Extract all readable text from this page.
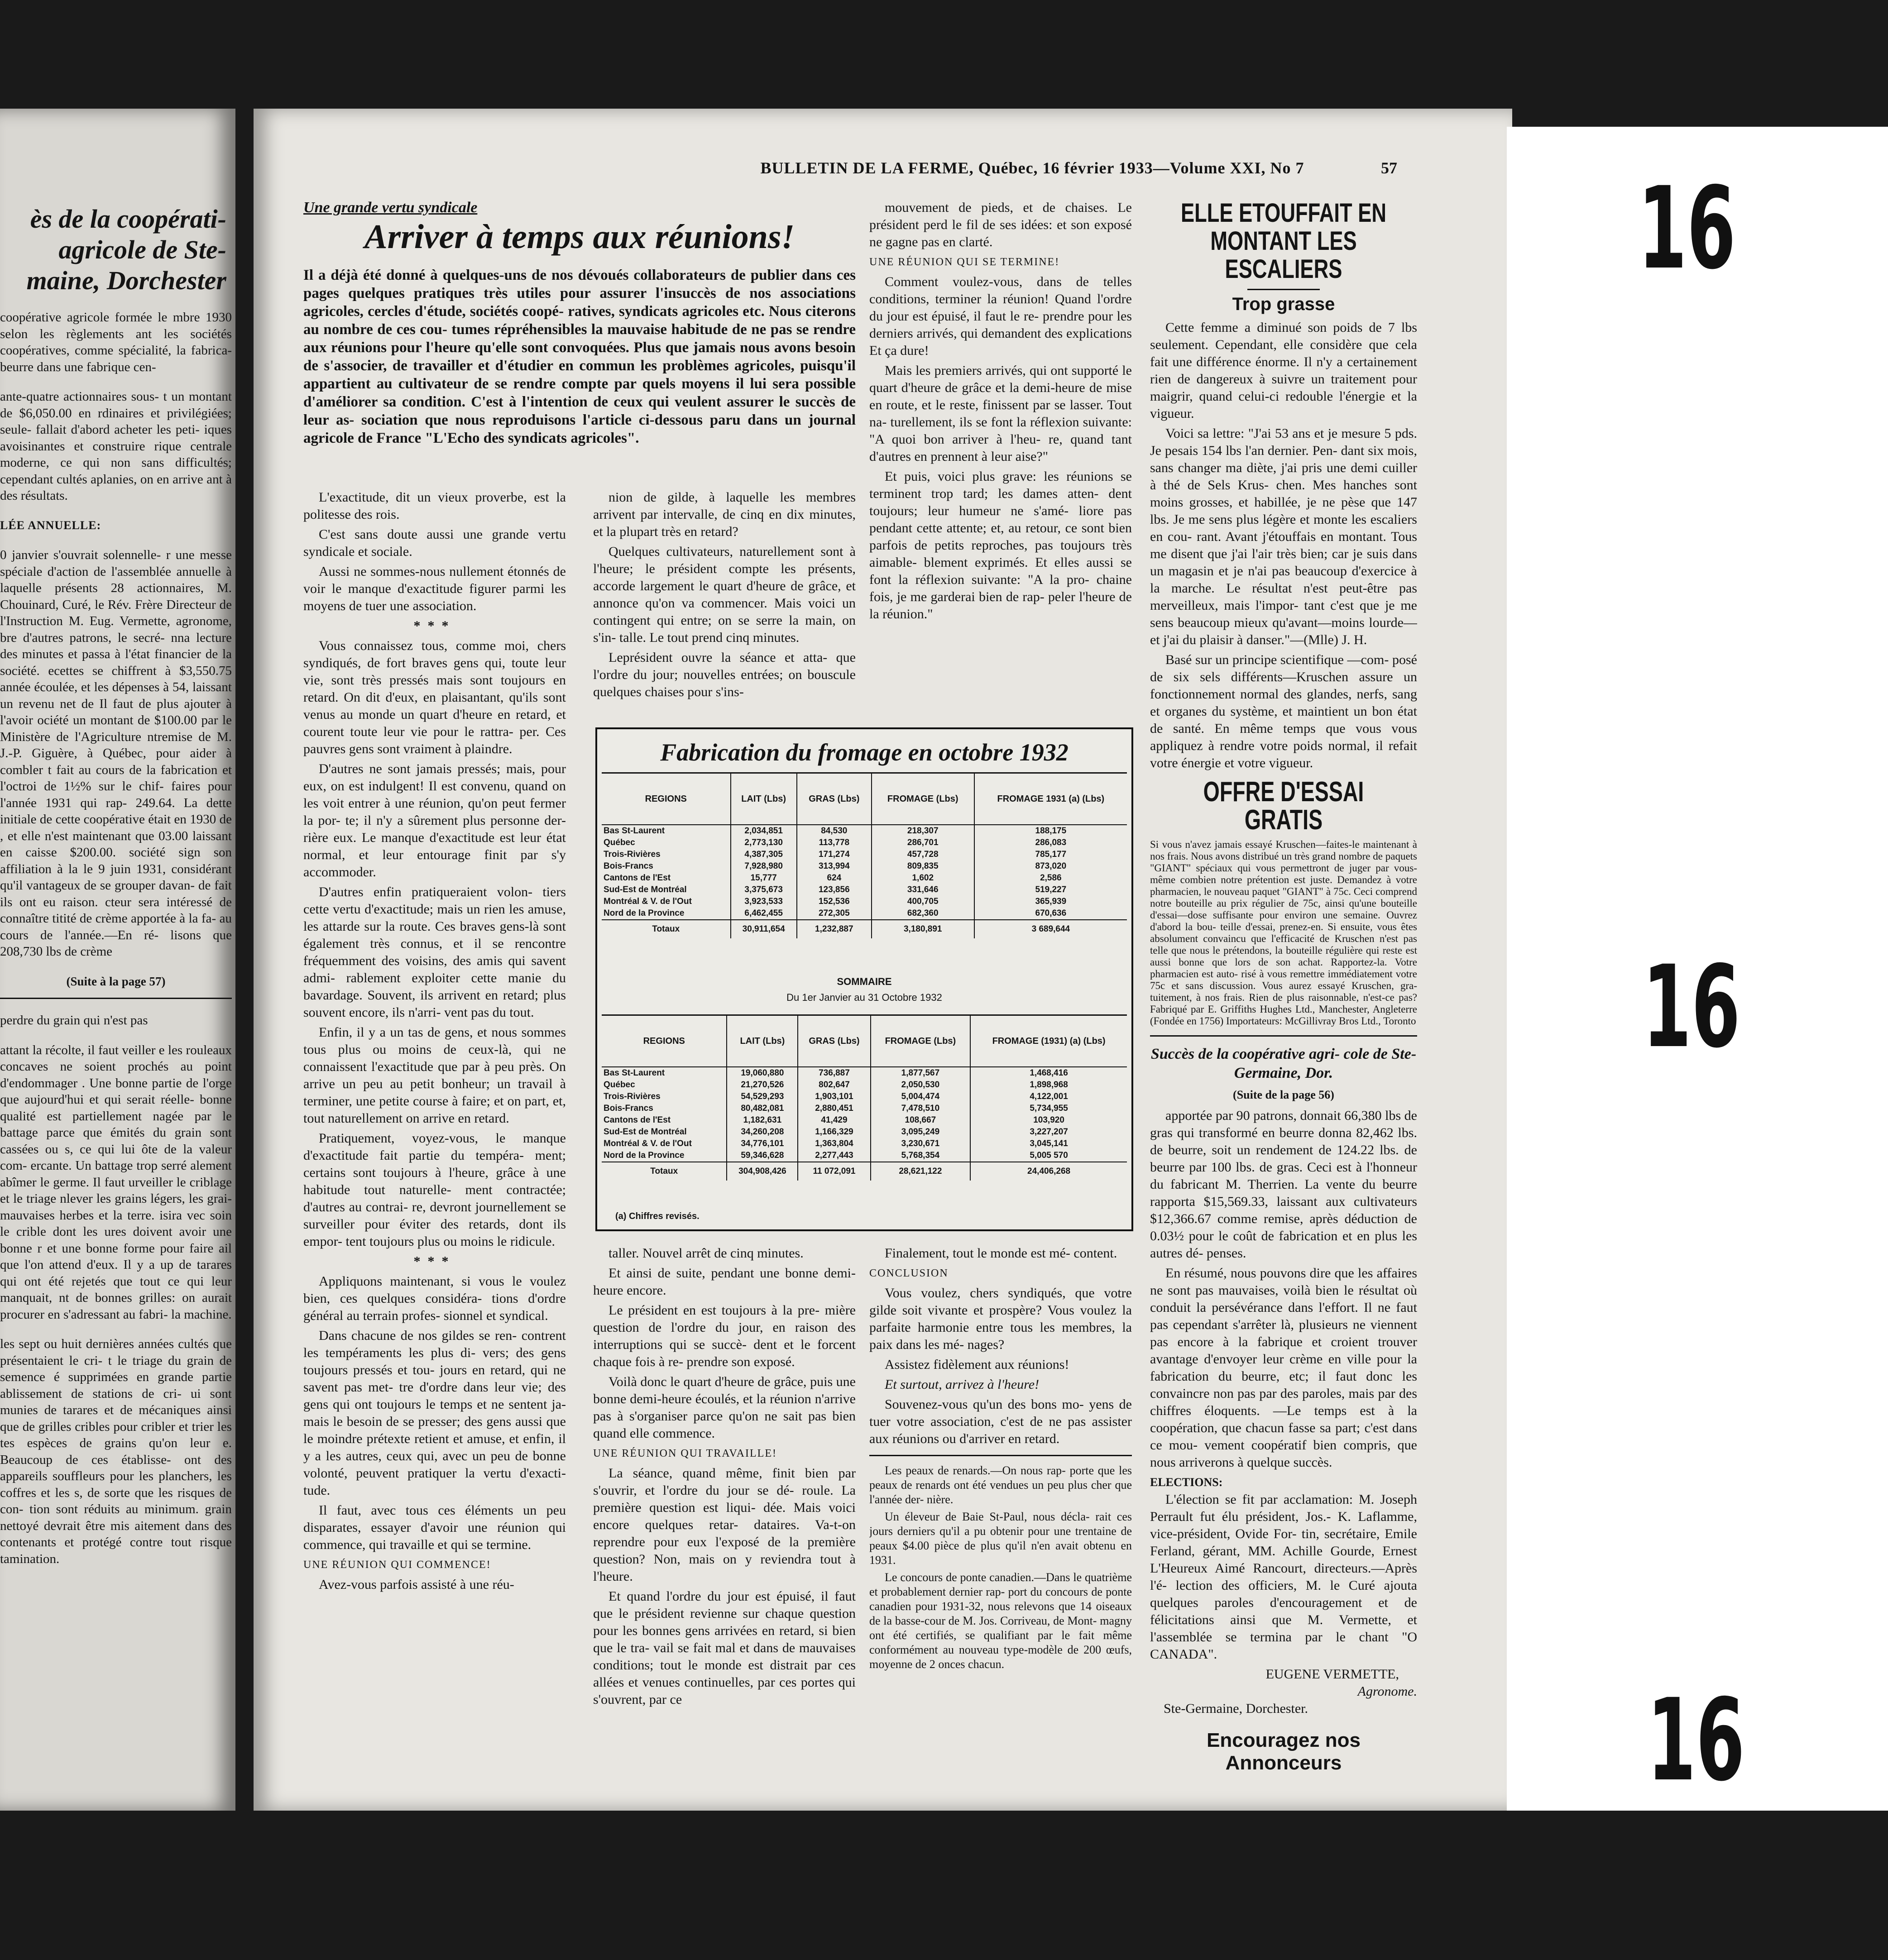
ès de la coopérati- agricole de Ste- maine, Dorchester

coopérative agricole formée le mbre 1930 selon les règlements ant les sociétés coopératives, comme spécialité, la fabrica- beurre dans une fabrique cen-

ante-quatre actionnaires sous- t un montant de $6,050.00 en rdinaires et privilégiées; seule- fallait d'abord acheter les peti- iques avoisinantes et construire rique centrale moderne, ce qui non sans difficultés; cependant cultés aplanies, on en arrive ant à des résultats.

LÉE ANNUELLE:

0 janvier s'ouvrait solennelle- r une messe spéciale d'action de l'assemblée annuelle à laquelle présents 28 actionnaires, M. Chouinard, Curé, le Rév. Frère Directeur de l'Instruction M. Eug. Vermette, agronome, bre d'autres patrons, le secré- nna lecture des minutes et passa à l'état financier de la société. ecettes se chiffrent à $3,550.75 année écoulée, et les dépenses à 54, laissant un revenu net de Il faut de plus ajouter à l'avoir ociété un montant de $100.00 par le Ministère de l'Agriculture ntremise de M. J.-P. Giguère, à Québec, pour aider à combler t fait au cours de la fabrication et l'octroi de 1½% sur le chif- faires pour l'année 1931 qui rap- 249.64. La dette initiale de cette coopérative était en 1930 de , et elle n'est maintenant que 03.00 laissant en caisse $200.00. société sign son affiliation à la le 9 juin 1931, considérant qu'il vantageux de se grouper davan- de fait ils ont eu raison. cteur sera intéressé de connaître titité de crème apportée à la fa- au cours de l'année.—En ré- lisons que 208,730 lbs de crème

(Suite à la page 57)

perdre du grain qui n'est pas

attant la récolte, il faut veiller e les rouleaux concaves ne soient prochés au point d'endommager . Une bonne partie de l'orge que aujourd'hui et qui serait réelle- bonne qualité est partiellement nagée par le battage parce que émités du grain sont cassées ou s, ce qui lui ôte de la valeur com- ercante. Un battage trop serré alement abîmer le germe. Il faut urveiller le criblage et le triage nlever les grains légers, les grai- mauvaises herbes et la terre. isira vec soin le crible dont les ures doivent avoir une bonne r et une bonne forme pour faire ail que l'on attend d'eux. Il y a up de tarares qui ont été rejetés que tout ce qui leur manquait, nt de bonnes grilles: on aurait procurer en s'adressant au fabri- la machine.

les sept ou huit dernières années cultés que présentaient le cri- t le triage du grain de semence é supprimées en grande partie ablissement de stations de cri- ui sont munies de tarares et de mécaniques ainsi que de grilles cribles pour cribler et trier les tes espèces de grains qu'on leur e. Beaucoup de ces établisse- ont des appareils souffleurs pour les planchers, les coffres et les s, de sorte que les risques de con- tion sont réduits au minimum. grain nettoyé devrait être mis aitement dans des contenants et protégé contre tout risque tamination.

BULLETIN DE LA FERME, Québec, 16 février 1933—Volume XXI, No 7	57
Une grande vertu syndicale
Arriver à temps aux réunions!
Il a déjà été donné à quelques-uns de nos dévoués collaborateurs de publier dans ces pages quelques pratiques très utiles pour assurer l'insuccès de nos associations agricoles, cercles d'étude, sociétés coopé- ratives, syndicats agricoles etc. Nous citerons au nombre de ces cou- tumes répréhensibles la mauvaise habitude de ne pas se rendre aux réunions pour l'heure qu'elle sont convoquées. Plus que jamais nous avons besoin de s'associer, de travailler et d'étudier en commun les problèmes agricoles, puisqu'il appartient au cultivateur de se rendre compte par quels moyens il lui sera possible d'améliorer sa condition. C'est à l'intention de ceux qui veulent assurer le succès de leur as- sociation que nous reproduisons l'article ci-dessous paru dans un journal agricole de France "L'Echo des syndicats agricoles".

L'exactitude, dit un vieux proverbe, est la politesse des rois.

C'est sans doute aussi une grande vertu syndicale et sociale.

Aussi ne sommes-nous nullement étonnés de voir le manque d'exactitude figurer parmi les moyens de tuer une association.

***

Vous connaissez tous, comme moi, chers syndiqués, de fort braves gens qui, toute leur vie, sont très pressés mais sont toujours en retard. On dit d'eux, en plaisantant, qu'ils sont venus au monde un quart d'heure en retard, et courent toute leur vie pour le rattra- per. Ces pauvres gens sont vraiment à plaindre.

D'autres ne sont jamais pressés; mais, pour eux, on est indulgent! Il est convenu, quand on les voit entrer à une réunion, qu'on peut fermer la por- te; il n'y a sûrement plus personne der- rière eux. Le manque d'exactitude est leur état normal, et leur entourage finit par s'y accommoder.

D'autres enfin pratiqueraient volon- tiers cette vertu d'exactitude; mais un rien les amuse, les attarde sur la route. Ces braves gens-là sont également très connus, et il se rencontre fréquemment des voisins, des amis qui savent admi- rablement exploiter cette manie du bavardage. Souvent, ils arrivent en retard; plus souvent encore, ils n'arri- vent pas du tout.

Enfin, il y a un tas de gens, et nous sommes tous plus ou moins de ceux-là, qui ne connaissent l'exactitude que par à peu près. On arrive un peu au petit bonheur; un travail à terminer, une petite course à faire; et on part, et, tout naturellement on arrive en retard.

Pratiquement, voyez-vous, le manque d'exactitude fait partie du tempéra- ment; certains sont toujours à l'heure, grâce à une habitude tout naturelle- ment contractée; d'autres au contrai- re, devront journellement se surveiller pour éviter des retards, dont ils empor- tent toujours plus ou moins le ridicule.

***

Appliquons maintenant, si vous le voulez bien, ces quelques considéra- tions d'ordre général au terrain profes- sionnel et syndical.

Dans chacune de nos gildes se ren- contrent les tempéraments les plus di- vers; des gens toujours pressés et tou- jours en retard, qui ne savent pas met- tre d'ordre dans leur vie; des gens qui ont toujours le temps et ne sentent ja- mais le besoin de se presser; des gens aussi que le moindre prétexte retient et amuse, et enfin, il y a les autres, ceux qui, avec un peu de bonne volonté, peuvent pratiquer la vertu d'exacti- tude.

Il faut, avec tous ces éléments un peu disparates, essayer d'avoir une réunion qui commence, qui travaille et qui se termine.

UNE RÉUNION QUI COMMENCE!

Avez-vous parfois assisté à une réu-

nion de gilde, à laquelle les membres arrivent par intervalle, de cinq en dix minutes, et la plupart très en retard?

Quelques cultivateurs, naturellement sont à l'heure; le président compte les présents, accorde largement le quart d'heure de grâce, et annonce qu'on va commencer. Mais voici un contingent qui entre; on se serre la main, on s'in- talle. Le tout prend cinq minutes.

Leprésident ouvre la séance et atta- que l'ordre du jour; nouvelles entrées; on bouscule quelques chaises pour s'ins-

mouvement de pieds, et de chaises. Le président perd le fil de ses idées: et son exposé ne gagne pas en clarté.

UNE RÉUNION QUI SE TERMINE!

Comment voulez-vous, dans de telles conditions, terminer la réunion! Quand l'ordre du jour est épuisé, il faut le re- prendre pour les derniers arrivés, qui demandent des explications Et ça dure!

Mais les premiers arrivés, qui ont supporté le quart d'heure de grâce et la demi-heure de mise en route, et le reste, finissent par se lasser. Tout na- turellement, ils se font la réflexion suivante: "A quoi bon arriver à l'heu- re, quand tant d'autres en prennent à leur aise?"

Et puis, voici plus grave: les réunions se terminent trop tard; les dames atten- dent toujours; leur humeur ne s'amé- liore pas pendant cette attente; et, au retour, ce sont bien parfois de petits reproches, pas toujours très aimable- blement exprimés. Et elles aussi se font la réflexion suivante: "A la pro- chaine fois, je me garderai bien de rap- peler l'heure de la réunion."

Fabrication du fromage en octobre 1932
REGIONS	LAIT (Lbs)	GRAS (Lbs)	FROMAGE (Lbs)	FROMAGE 1931 (a) (Lbs)
Bas St-Laurent	2,034,851	84,530	218,307	188,175
Québec	2,773,130	113,778	286,701	286,083
Trois-Rivières	4,387,305	171,274	457,728	785,177
Bois-Francs	7,928,980	313,994	809,835	873,020
Cantons de l'Est	15,777	624	1,602	2,586
Sud-Est de Montréal	3,375,673	123,856	331,646	519,227
Montréal & V. de l'Out	3,923,533	152,536	400,705	365,939
Nord de la Province	6,462,455	272,305	682,360	670,636
Totaux	30,911,654	1,232,887	3,180,891	3 689,644
SOMMAIRE
Du 1er Janvier au 31 Octobre 1932
REGIONS	LAIT (Lbs)	GRAS (Lbs)	FROMAGE (Lbs)	FROMAGE (1931) (a) (Lbs)
Bas St-Laurent	19,060,880	736,887	1,877,567	1,468,416
Québec	21,270,526	802,647	2,050,530	1,898,968
Trois-Rivières	54,529,293	1,903,101	5,004,474	4,122,001
Bois-Francs	80,482,081	2,880,451	7,478,510	5,734,955
Cantons de l'Est	1,182,631	41,429	108,667	103,920
Sud-Est de Montréal	34,260,208	1,166,329	3,095,249	3,227,207
Montréal & V. de l'Out	34,776,101	1,363,804	3,230,671	3,045,141
Nord de la Province	59,346,628	2,277,443	5,768,354	5,005 570
Totaux	304,908,426	11 072,091	28,621,122	24,406,268
(a) Chiffres revisés.

taller. Nouvel arrêt de cinq minutes.

Et ainsi de suite, pendant une bonne demi-heure encore.

Le président en est toujours à la pre- mière question de l'ordre du jour, en raison des interruptions qui se succè- dent et le forcent chaque fois à re- prendre son exposé.

Voilà donc le quart d'heure de grâce, puis une bonne demi-heure écoulés, et la réunion n'arrive pas à s'organiser parce qu'on ne sait pas bien quand elle commence.

UNE RÉUNION QUI TRAVAILLE!

La séance, quand même, finit bien par s'ouvrir, et l'ordre du jour se dé- roule. La première question est liqui- dée. Mais voici encore quelques retar- dataires. Va-t-on reprendre pour eux l'exposé de la première question? Non, mais on y reviendra tout à l'heure.

Et quand l'ordre du jour est épuisé, il faut que le président revienne sur chaque question pour les bonnes gens arrivées en retard, si bien que le tra- vail se fait mal et dans de mauvaises conditions; tout le monde est distrait par ces allées et venues continuelles, par ces portes qui s'ouvrent, par ce

Finalement, tout le monde est mé- content.

CONCLUSION

Vous voulez, chers syndiqués, que votre gilde soit vivante et prospère? Vous voulez la parfaite harmonie entre tous les membres, la paix dans les mé- nages?

Assistez fidèlement aux réunions!

Et surtout, arrivez à l'heure!

Souvenez-vous qu'un des bons mo- yens de tuer votre association, c'est de ne pas assister aux réunions ou d'arriver en retard.

Les peaux de renards.—On nous rap- porte que les peaux de renards ont été vendues un peu plus cher que l'année der- nière.

Un éleveur de Baie St-Paul, nous décla- rait ces jours derniers qu'il a pu obtenir pour une trentaine de peaux $4.00 pièce de plus qu'il n'en avait obtenu en 1931.

Le concours de ponte canadien.—Dans le quatrième et probablement dernier rap- port du concours de ponte canadien pour 1931-32, nous relevons que 14 oiseaux de la basse-cour de M. Jos. Corriveau, de Mont- magny ont été certifiés, se qualifiant par le fait même conformément au nouveau type-modèle de 200 œufs, moyenne de 2 onces chacun.

ELLE ETOUFFAIT EN MONTANT LES ESCALIERS
Trop grasse

Cette femme a diminué son poids de 7 lbs seulement. Cependant, elle considère que cela fait une différence énorme. Il n'y a certainement rien de dangereux à suivre un traitement pour maigrir, quand celui-ci redouble l'énergie et la vigueur.

Voici sa lettre: "J'ai 53 ans et je mesure 5 pds. Je pesais 154 lbs l'an dernier. Pen- dant six mois, sans changer ma diète, j'ai pris une demi cuiller à thé de Sels Krus- chen. Mes hanches sont moins grosses, et habillée, je ne pèse que 147 lbs. Je me sens plus légère et monte les escaliers en cou- rant. Avant j'étouffais en montant. Tous me disent que j'ai l'air très bien; car je suis dans un magasin et je n'ai pas beaucoup d'exercice à la marche. Le résultat n'est peut-être pas merveilleux, mais l'impor- tant c'est que je me sens beaucoup mieux qu'avant—moins lourde—et j'ai du plaisir à danser."—(Mlle) J. H.

Basé sur un principe scientifique —com- posé de six sels différents—Kruschen assure un fonctionnement normal des glandes, nerfs, sang et organes du système, et maintient un bon état de santé. En même temps que vous vous appliquez à rendre votre poids normal, il refait votre énergie et votre vigueur.

OFFRE D'ESSAI GRATIS

Si vous n'avez jamais essayé Kruschen—faites-le maintenant à nos frais. Nous avons distribué un très grand nombre de paquets "GIANT" spéciaux qui vous permettront de juger par vous-même combien notre prétention est juste. Demandez à votre pharmacien, le nouveau paquet "GIANT" à 75c. Ceci comprend notre bouteille au prix régulier de 75c, ainsi qu'une bouteille d'essai—dose suffisante pour environ une semaine. Ouvrez d'abord la bou- teille d'essai, prenez-en. Si ensuite, vous êtes absolument convaincu que l'efficacité de Kruschen n'est pas telle que nous le prétendons, la bouteille régulière qui reste est aussi bonne que lors de son achat. Rapportez-la. Votre pharmacien est auto- risé à vous remettre immédiatement votre 75c et sans discussion. Vous aurez essayé Kruschen, gra- tuitement, à nos frais. Rien de plus raisonnable, n'est-ce pas? Fabriqué par E. Griffiths Hughes Ltd., Manchester, Angleterre (Fondée en 1756) Importateurs: McGillivray Bros Ltd., Toronto

Succès de la coopérative agri- cole de Ste-Germaine, Dor.
(Suite de la page 56)

apportée par 90 patrons, donnait 66,380 lbs de gras qui transformé en beurre donna 82,462 lbs. de beurre, soit un rendement de 124.22 lbs. de beurre par 100 lbs. de gras. Ceci est à l'honneur du fabricant M. Therrien. La vente du beurre rapporta $15,569.33, laissant aux cultivateurs $12,366.67 comme remise, après déduction de 0.03½ pour le coût de fabrication et en plus les autres dé- penses.

En résumé, nous pouvons dire que les affaires ne sont pas mauvaises, voilà bien le résultat où conduit la persévérance dans l'effort. Il ne faut pas cependant s'arrêter là, plusieurs ne viennent pas encore à la fabrique et croient trouver avantage d'envoyer leur crème en ville pour la fabrication du beurre, etc; il faut donc les convaincre non pas par des paroles, mais par des chiffres éloquents. —Le temps est à la coopération, que chacun fasse sa part; c'est dans ce mou- vement coopératif bien compris, que nous arriverons à quelque succès.

ELECTIONS:

L'élection se fit par acclamation: M. Joseph Perrault fut élu président, Jos.- K. Laflamme, vice-président, Ovide For- tin, secrétaire, Emile Ferland, gérant, MM. Achille Gourde, Ernest L'Heureux Aimé Rancourt, directeurs.—Après l'é- lection des officiers, M. le Curé ajouta quelques paroles d'encouragement et de félicitations ainsi que M. Vermette, et l'assemblée se termina par le chant "O CANADA".

EUGENE VERMETTE,
Agronome.
Ste-Germaine, Dorchester.
Encouragez nos Annonceurs
16
16
16
